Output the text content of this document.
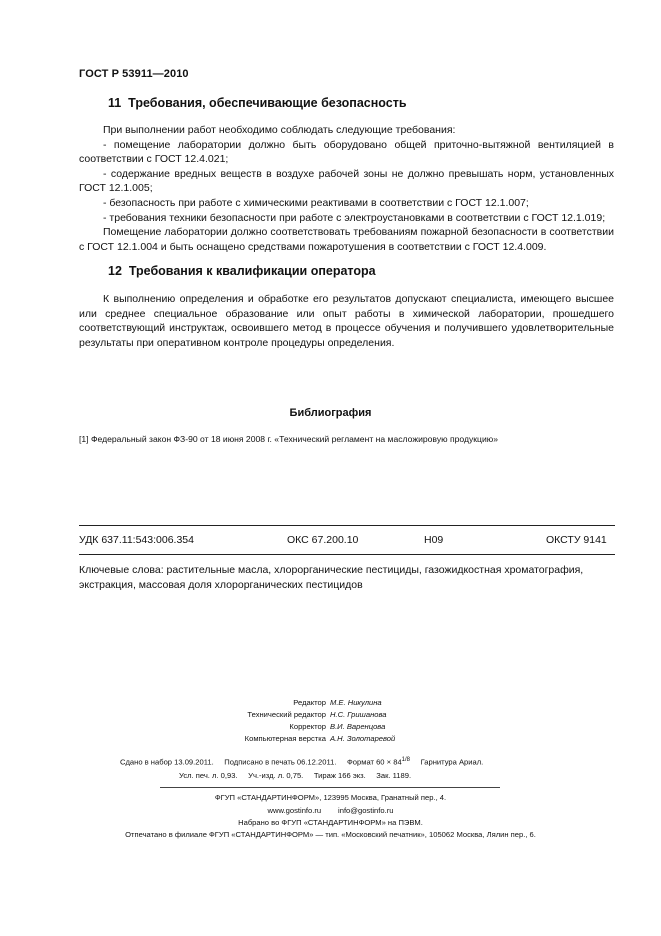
ГОСТ Р 53911—2010
11 Требования, обеспечивающие безопасность

При выполнении работ необходимо соблюдать следующие требования:

- помещение лаборатории должно быть оборудовано общей приточно-вытяжной вентиляцией в соответствии с ГОСТ 12.4.021;

- содержание вредных веществ в воздухе рабочей зоны не должно превышать норм, установленных ГОСТ 12.1.005;

- безопасность при работе с химическими реактивами в соответствии с ГОСТ 12.1.007;

- требования техники безопасности при работе с электроустановками в соответствии с ГОСТ 12.1.019;

Помещение лаборатории должно соответствовать требованиям пожарной безопасности в соответствии с ГОСТ 12.1.004 и быть оснащено средствами пожаротушения в соответствии с ГОСТ 12.4.009.

12 Требования к квалификации оператора

К выполнению определения и обработке его результатов допускают специалиста, имеющего высшее или среднее специальное образование или опыт работы в химической лаборатории, прошедшего соответствующий инструктаж, освоившего метод в процессе обучения и получившего удовлетворительные результаты при оперативном контроле процедуры определения.

Библиография
[1] Федеральный закон ФЗ-90 от 18 июня 2008 г. «Технический регламент на масложировую продукцию»
УДК 637.11:543:006.354	ОКС 67.200.10	Н09	ОКСТУ 9141
Ключевые слова: растительные масла, хлорорганические пестициды, газожидкостная хроматография, экстракция, массовая доля хлорорганических пестицидов
Редактор М.Е. Никулина
Технический редактор Н.С. Гришанова
Корректор В.И. Варенцова
Компьютерная верстка А.Н. Золотаревой
Сдано в набор 13.09.2011. Подписано в печать 06.12.2011. Формат $60 \times 84^{1/8}$ Гарнитура Ариал.
Усл. печ. л. 0,93. Уч.-изд. л. 0,75. Тираж 166 экз. Зак. 1189.
ФГУП «СТАНДАРТИНФОРМ», 123995 Москва, Гранатный пер., 4.
www.gostinfo.ru info@gostinfo.ru
Набрано во ФГУП «СТАНДАРТИНФОРМ» на ПЭВМ.
Отпечатано в филиале ФГУП «СТАНДАРТИНФОРМ» — тип. «Московский печатник», 105062 Москва, Лялин пер., 6.
